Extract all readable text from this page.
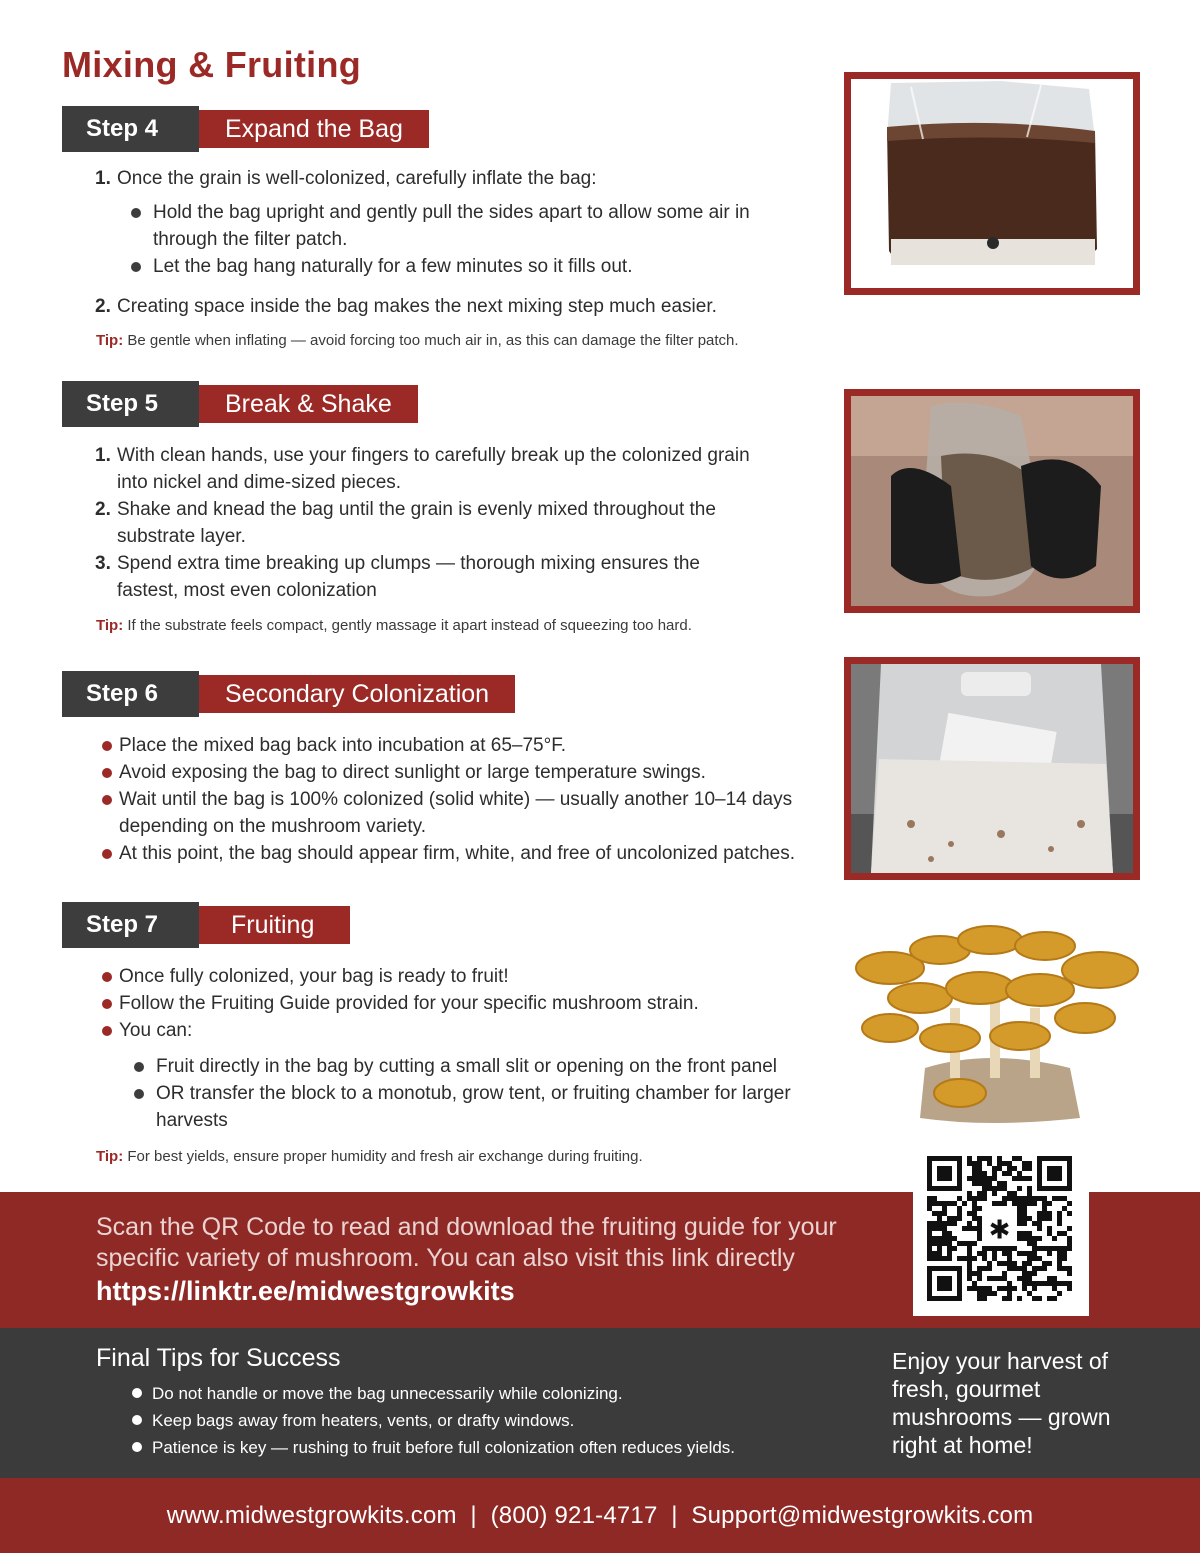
Mixing & Fruiting
Step 4	Expand the Bag
1. Once the grain is well-colonized, carefully inflate the bag:
Hold the bag upright and gently pull the sides apart to allow some air in through the filter patch.
Let the bag hang naturally for a few minutes so it fills out.
2. Creating space inside the bag makes the next mixing step much easier.
Tip: Be gentle when inflating — avoid forcing too much air in, as this can damage the filter patch.
Step 5	Break & Shake
1. With clean hands, use your fingers to carefully break up the colonized grain into nickel and dime-sized pieces.
2. Shake and knead the bag until the grain is evenly mixed throughout the substrate layer.
3. Spend extra time breaking up clumps — thorough mixing ensures the fastest, most even colonization
Tip: If the substrate feels compact, gently massage it apart instead of squeezing too hard.
Step 6	Secondary Colonization
Place the mixed bag back into incubation at 65–75°F.
Avoid exposing the bag to direct sunlight or large temperature swings.
Wait until the bag is 100% colonized (solid white) — usually another 10–14 days depending on the mushroom variety.
At this point, the bag should appear firm, white, and free of uncolonized patches.
Step 7	Fruiting
Once fully colonized, your bag is ready to fruit!
Follow the Fruiting Guide provided for your specific mushroom strain.
You can:
Fruit directly in the bag by cutting a small slit or opening on the front panel
OR transfer the block to a monotub, grow tent, or fruiting chamber for larger harvests
Tip: For best yields, ensure proper humidity and fresh air exchange during fruiting.
Scan the QR Code to read and download the fruiting guide for your specific variety of mushroom. You can also visit this link directly
https://linktr.ee/midwestgrowkits
✱
Final Tips for Success
Do not handle or move the bag unnecessarily while colonizing.
Keep bags away from heaters, vents, or drafty windows.
Patience is key — rushing to fruit before full colonization often reduces yields.
Enjoy your harvest of fresh, gourmet mushrooms — grown right at home!
www.midwestgrowkits.com  |  (800) 921-4717  |  Support@midwestgrowkits.com
